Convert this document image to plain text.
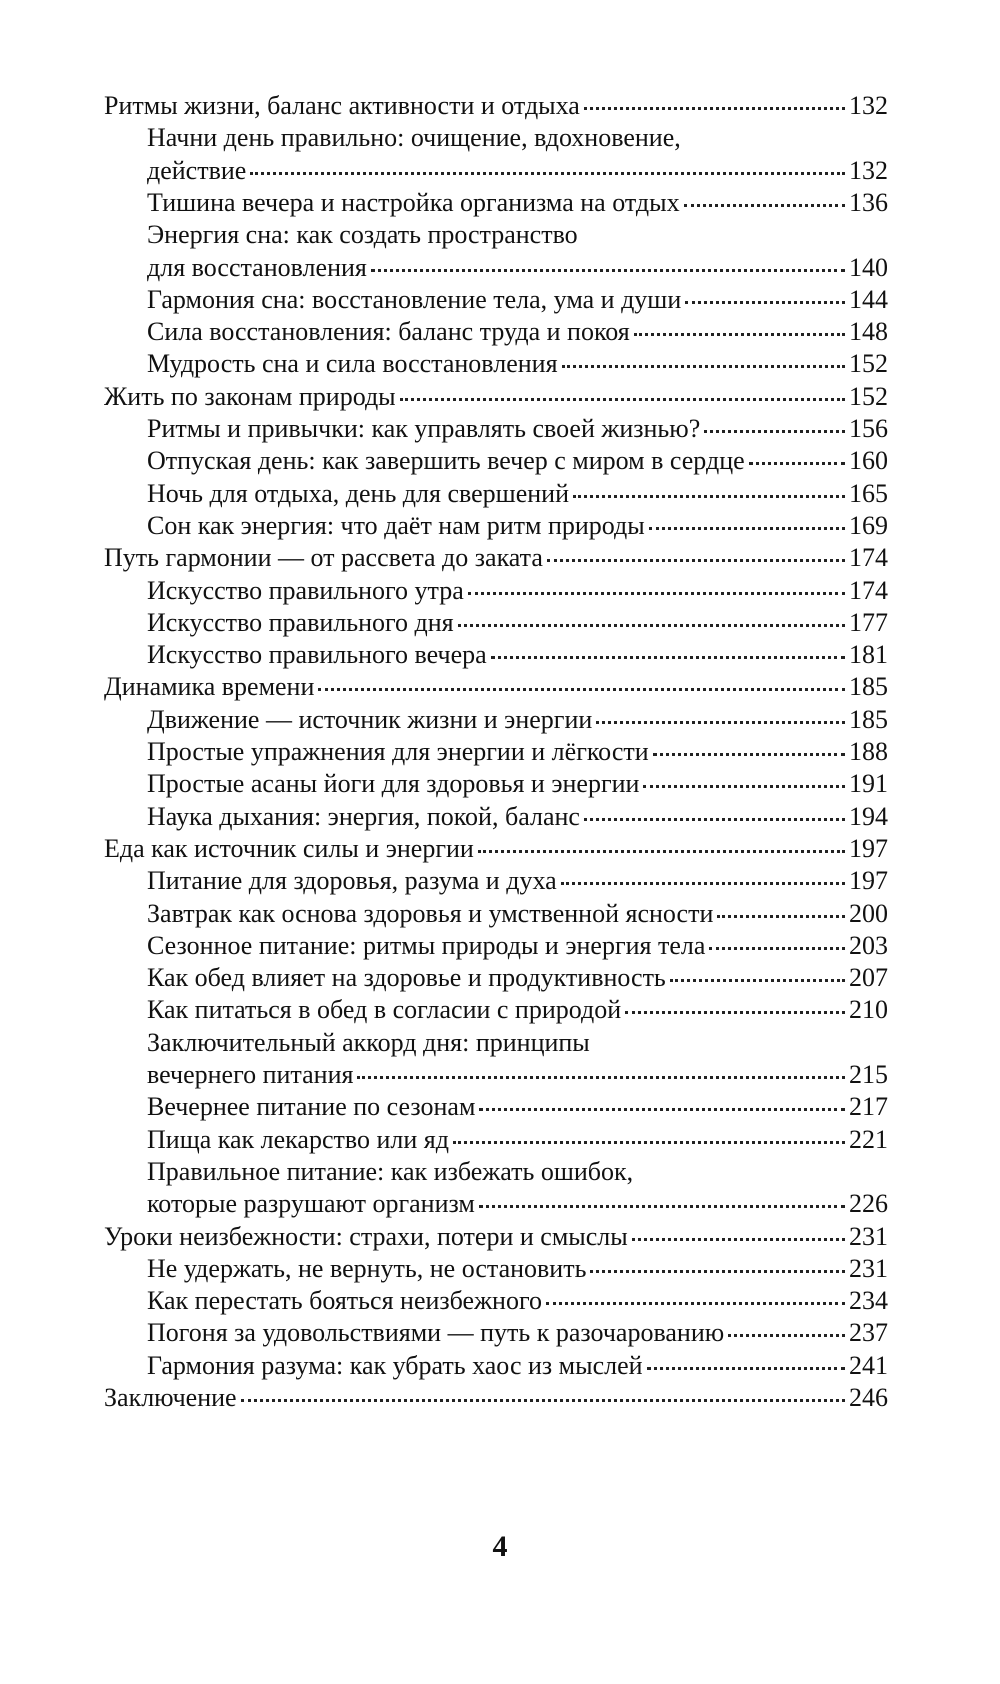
Ритмы жизни, баланс активности и отдыха	132
Начни день правильно: очищение, вдохновение,
действие	132
Тишина вечера и настройка организма на отдых	136
Энергия сна: как создать пространство
для восстановления	140
Гармония сна: восстановление тела, ума и души	144
Сила восстановления: баланс труда и покоя	148
Мудрость сна и сила восстановления	152
Жить по законам природы	152
Ритмы и привычки: как управлять своей жизнью?	156
Отпуская день: как завершить вечер с миром в сердце	160
Ночь для отдыха, день для свершений	165
Сон как энергия: что даёт нам ритм природы	169
Путь гармонии — от рассвета до заката	174
Искусство правильного утра	174
Искусство правильного дня	177
Искусство правильного вечера	181
Динамика времени	185
Движение — источник жизни и энергии	185
Простые упражнения для энергии и лёгкости	188
Простые асаны йоги для здоровья и энергии	191
Наука дыхания: энергия, покой, баланс	194
Еда как источник силы и энергии	197
Питание для здоровья, разума и духа	197
Завтрак как основа здоровья и умственной ясности	200
Сезонное питание: ритмы природы и энергия тела	203
Как обед влияет на здоровье и продуктивность	207
Как питаться в обед в согласии с природой	210
Заключительный аккорд дня: принципы
вечернего питания	215
Вечернее питание по сезонам	217
Пища как лекарство или яд	221
Правильное питание: как избежать ошибок,
которые разрушают организм	226
Уроки неизбежности: страхи, потери и смыслы	231
Не удержать, не вернуть, не остановить	231
Как перестать бояться неизбежного	234
Погоня за удовольствиями — путь к разочарованию	237
Гармония разума: как убрать хаос из мыслей	241
Заключение	246
4
